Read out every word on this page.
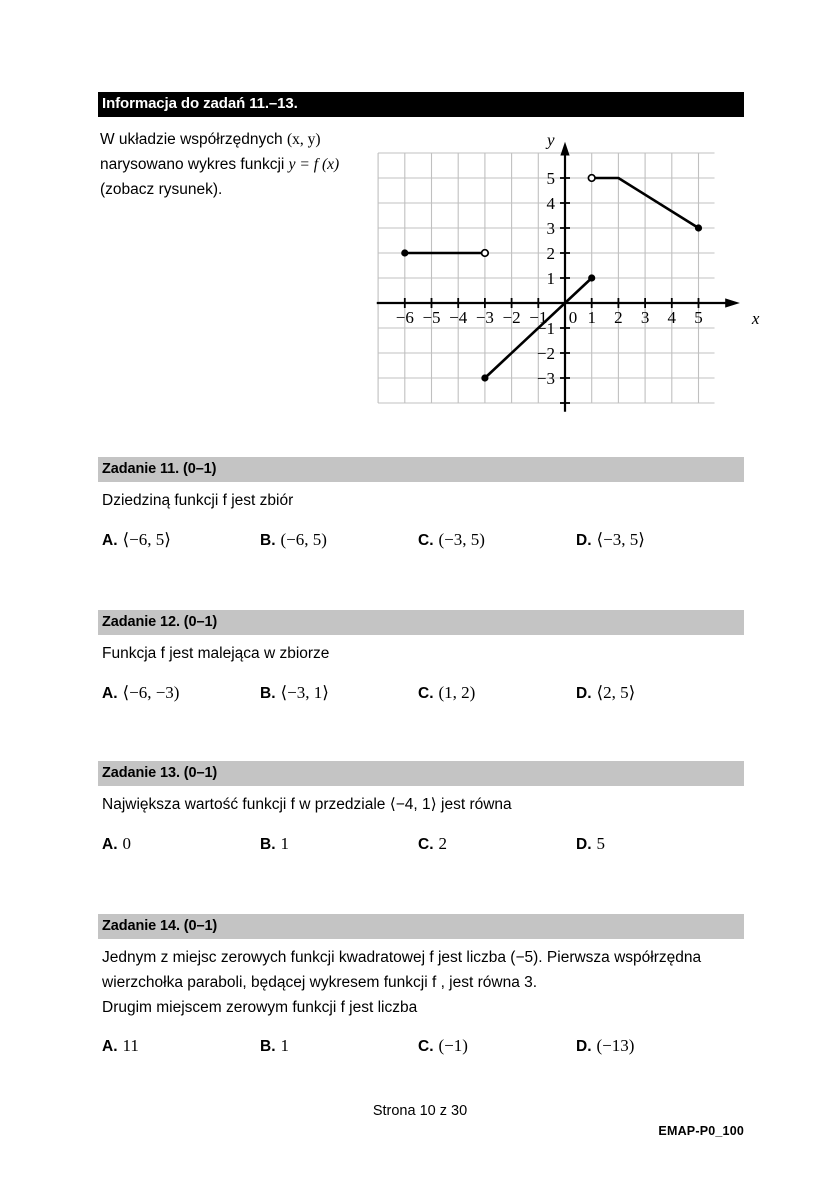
Informacja do zadań 11.–13.
W układzie współrzędnych (x, y)
narysowano wykres funkcji y = f (x)
(zobacz rysunek).
−6 −5 −4 −3 −2 −1 0 1 2 3 4 5
−3
−2
−1
1
2
3
4
5
x
y
Zadanie 11. (0–1)
Dziedziną funkcji f jest zbiór
A. ⟨−6, 5⟩	B. (−6, 5)	C. (−3, 5)	D. ⟨−3, 5⟩
Zadanie 12. (0–1)
Funkcja f jest malejąca w zbiorze
A. ⟨−6, −3)	B. ⟨−3, 1⟩	C. (1, 2)	D. ⟨2, 5⟩
Zadanie 13. (0–1)
Największa wartość funkcji f w przedziale ⟨−4, 1⟩ jest równa
A. 0	B. 1	C. 2	D. 5
Zadanie 14. (0–1)
Jednym z miejsc zerowych funkcji kwadratowej f jest liczba (−5). Pierwsza współrzędna
wierzchołka paraboli, będącej wykresem funkcji f , jest równa 3.
Drugim miejscem zerowym funkcji f jest liczba
A. 11	B. 1	C. (−1)	D. (−13)
Strona 10 z 30
EMAP-P0_100
